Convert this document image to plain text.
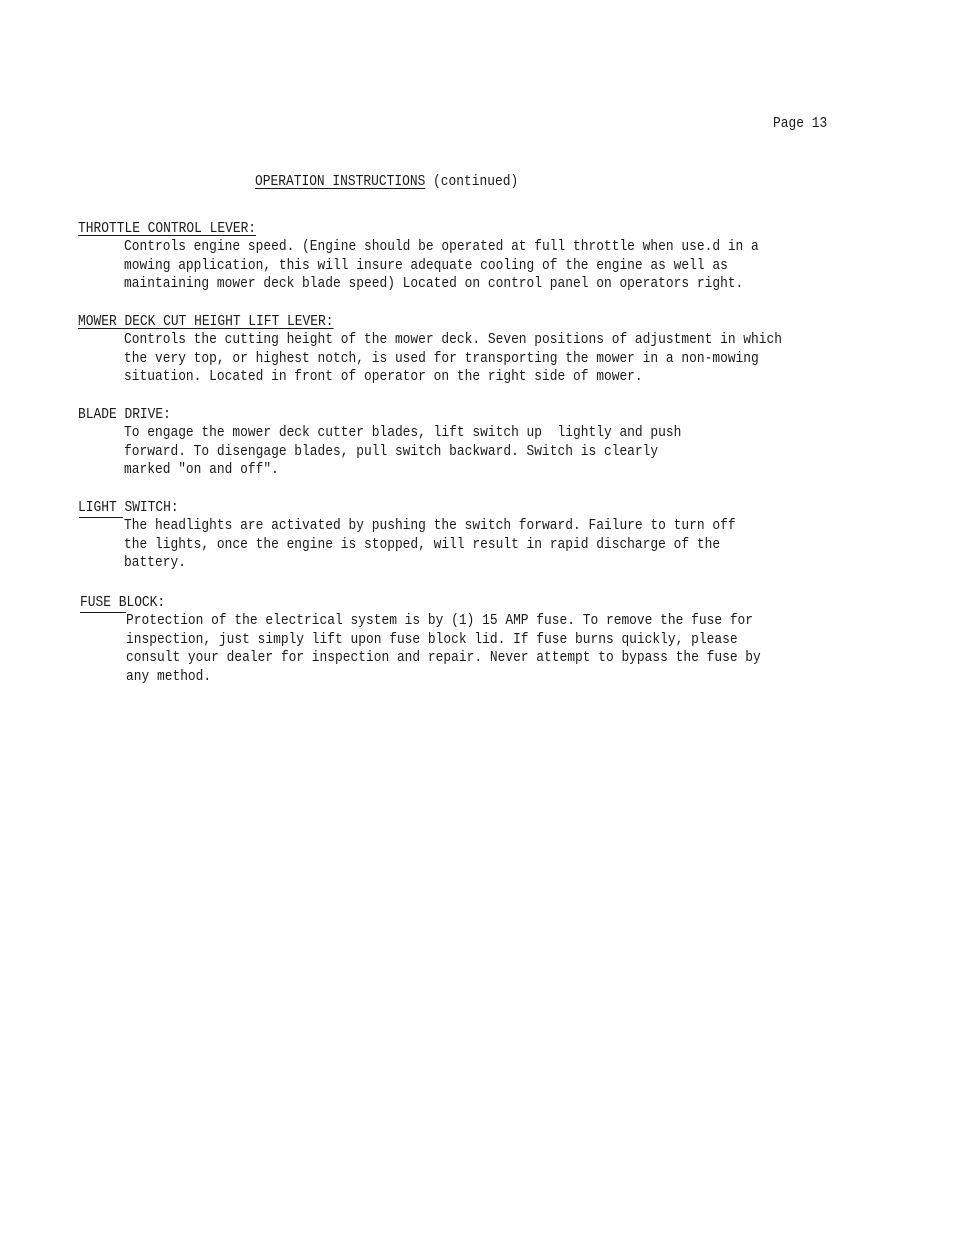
Page 13
OPERATION INSTRUCTIONS (continued)
THROTTLE CONTROL LEVER:
Controls engine speed. (Engine should be operated at full throttle when use.d in a
mowing application, this will insure adequate cooling of the engine as well as
maintaining mower deck blade speed) Located on control panel on operators right.
MOWER DECK CUT HEIGHT LIFT LEVER:
Controls the cutting height of the mower deck. Seven positions of adjustment in which
the very top, or highest notch, is used for transporting the mower in a non-mowing
situation. Located in front of operator on the right side of mower.
BLADE DRIVE:
To engage the mower deck cutter blades, lift switch up  lightly and push
forward. To disengage blades, pull switch backward. Switch is clearly
marked "on and off".
LIGHT SWITCH:
The headlights are activated by pushing the switch forward. Failure to turn off
the lights, once the engine is stopped, will result in rapid discharge of the
battery.
FUSE BLOCK:
Protection of the electrical system is by (1) 15 AMP fuse. To remove the fuse for
inspection, just simply lift upon fuse block lid. If fuse burns quickly, please
consult your dealer for inspection and repair. Never attempt to bypass the fuse by
any method.
